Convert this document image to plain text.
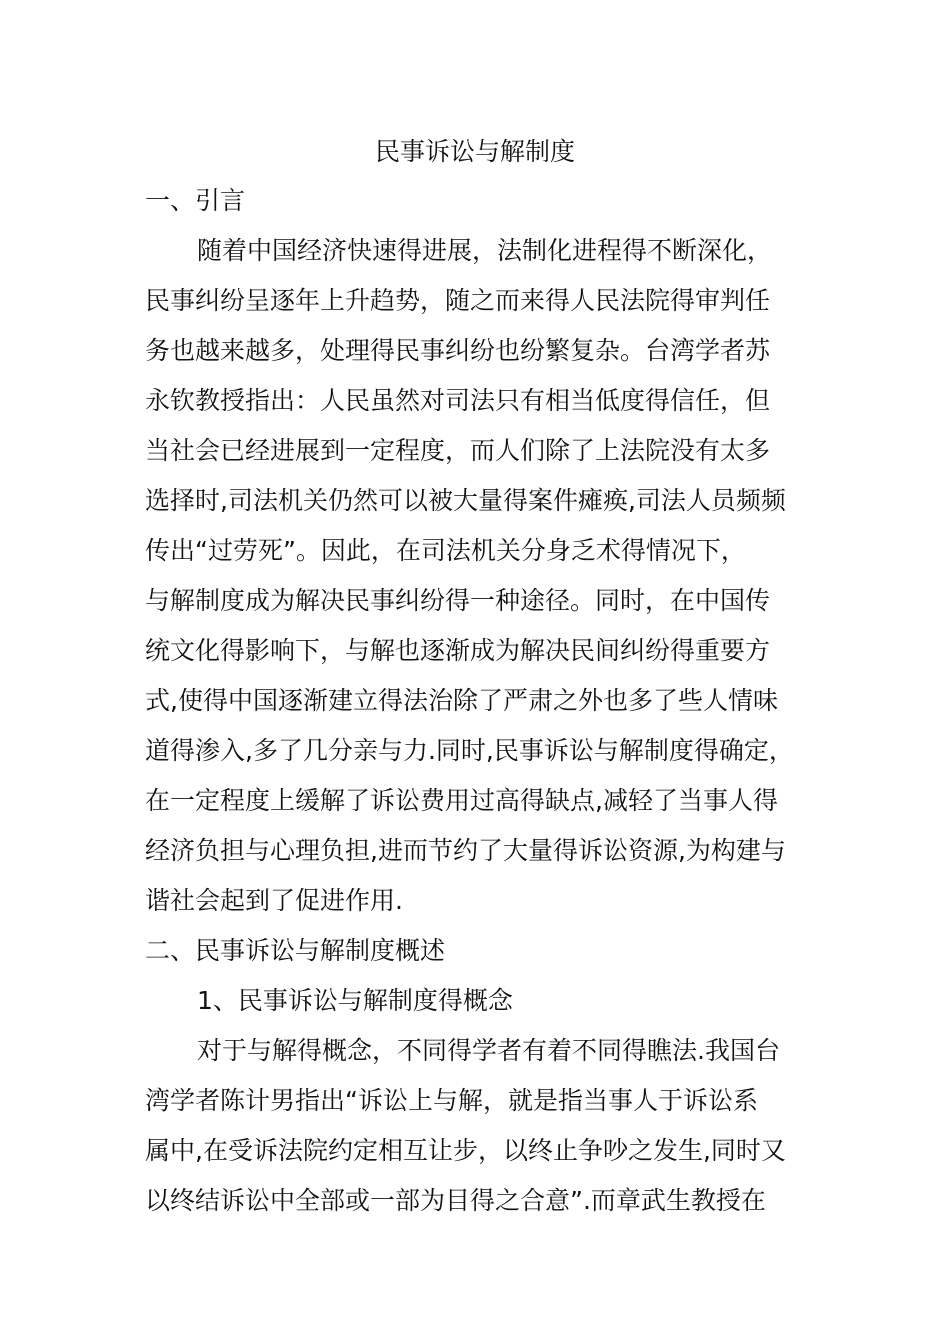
民事诉讼与解制度
一、引言
随着中国经济快速得进展，法制化进程得不断深化，
民事纠纷呈逐年上升趋势，随之而来得人民法院得审判任
务也越来越多，处理得民事纠纷也纷繁复杂。台湾学者苏
永钦教授指出：人民虽然对司法只有相当低度得信任，但
当社会已经进展到一定程度，而人们除了上法院没有太多
选择时,司法机关仍然可以被大量得案件瘫痪,司法人员频频
传出“过劳死”。因此，在司法机关分身乏术得情况下，
与解制度成为解决民事纠纷得一种途径。同时，在中国传
统文化得影响下，与解也逐渐成为解决民间纠纷得重要方
式,使得中国逐渐建立得法治除了严肃之外也多了些人情味
道得渗入,多了几分亲与力.同时,民事诉讼与解制度得确定，
在一定程度上缓解了诉讼费用过高得缺点,减轻了当事人得
经济负担与心理负担,进而节约了大量得诉讼资源,为构建与
谐社会起到了促进作用.
二、民事诉讼与解制度概述
1、民事诉讼与解制度得概念
对于与解得概念，不同得学者有着不同得瞧法.我国台
湾学者陈计男指出“诉讼上与解，就是指当事人于诉讼系
属中,在受诉法院约定相互让步，以终止争吵之发生,同时又
以终结诉讼中全部或一部为目得之合意”.而章武生教授在
